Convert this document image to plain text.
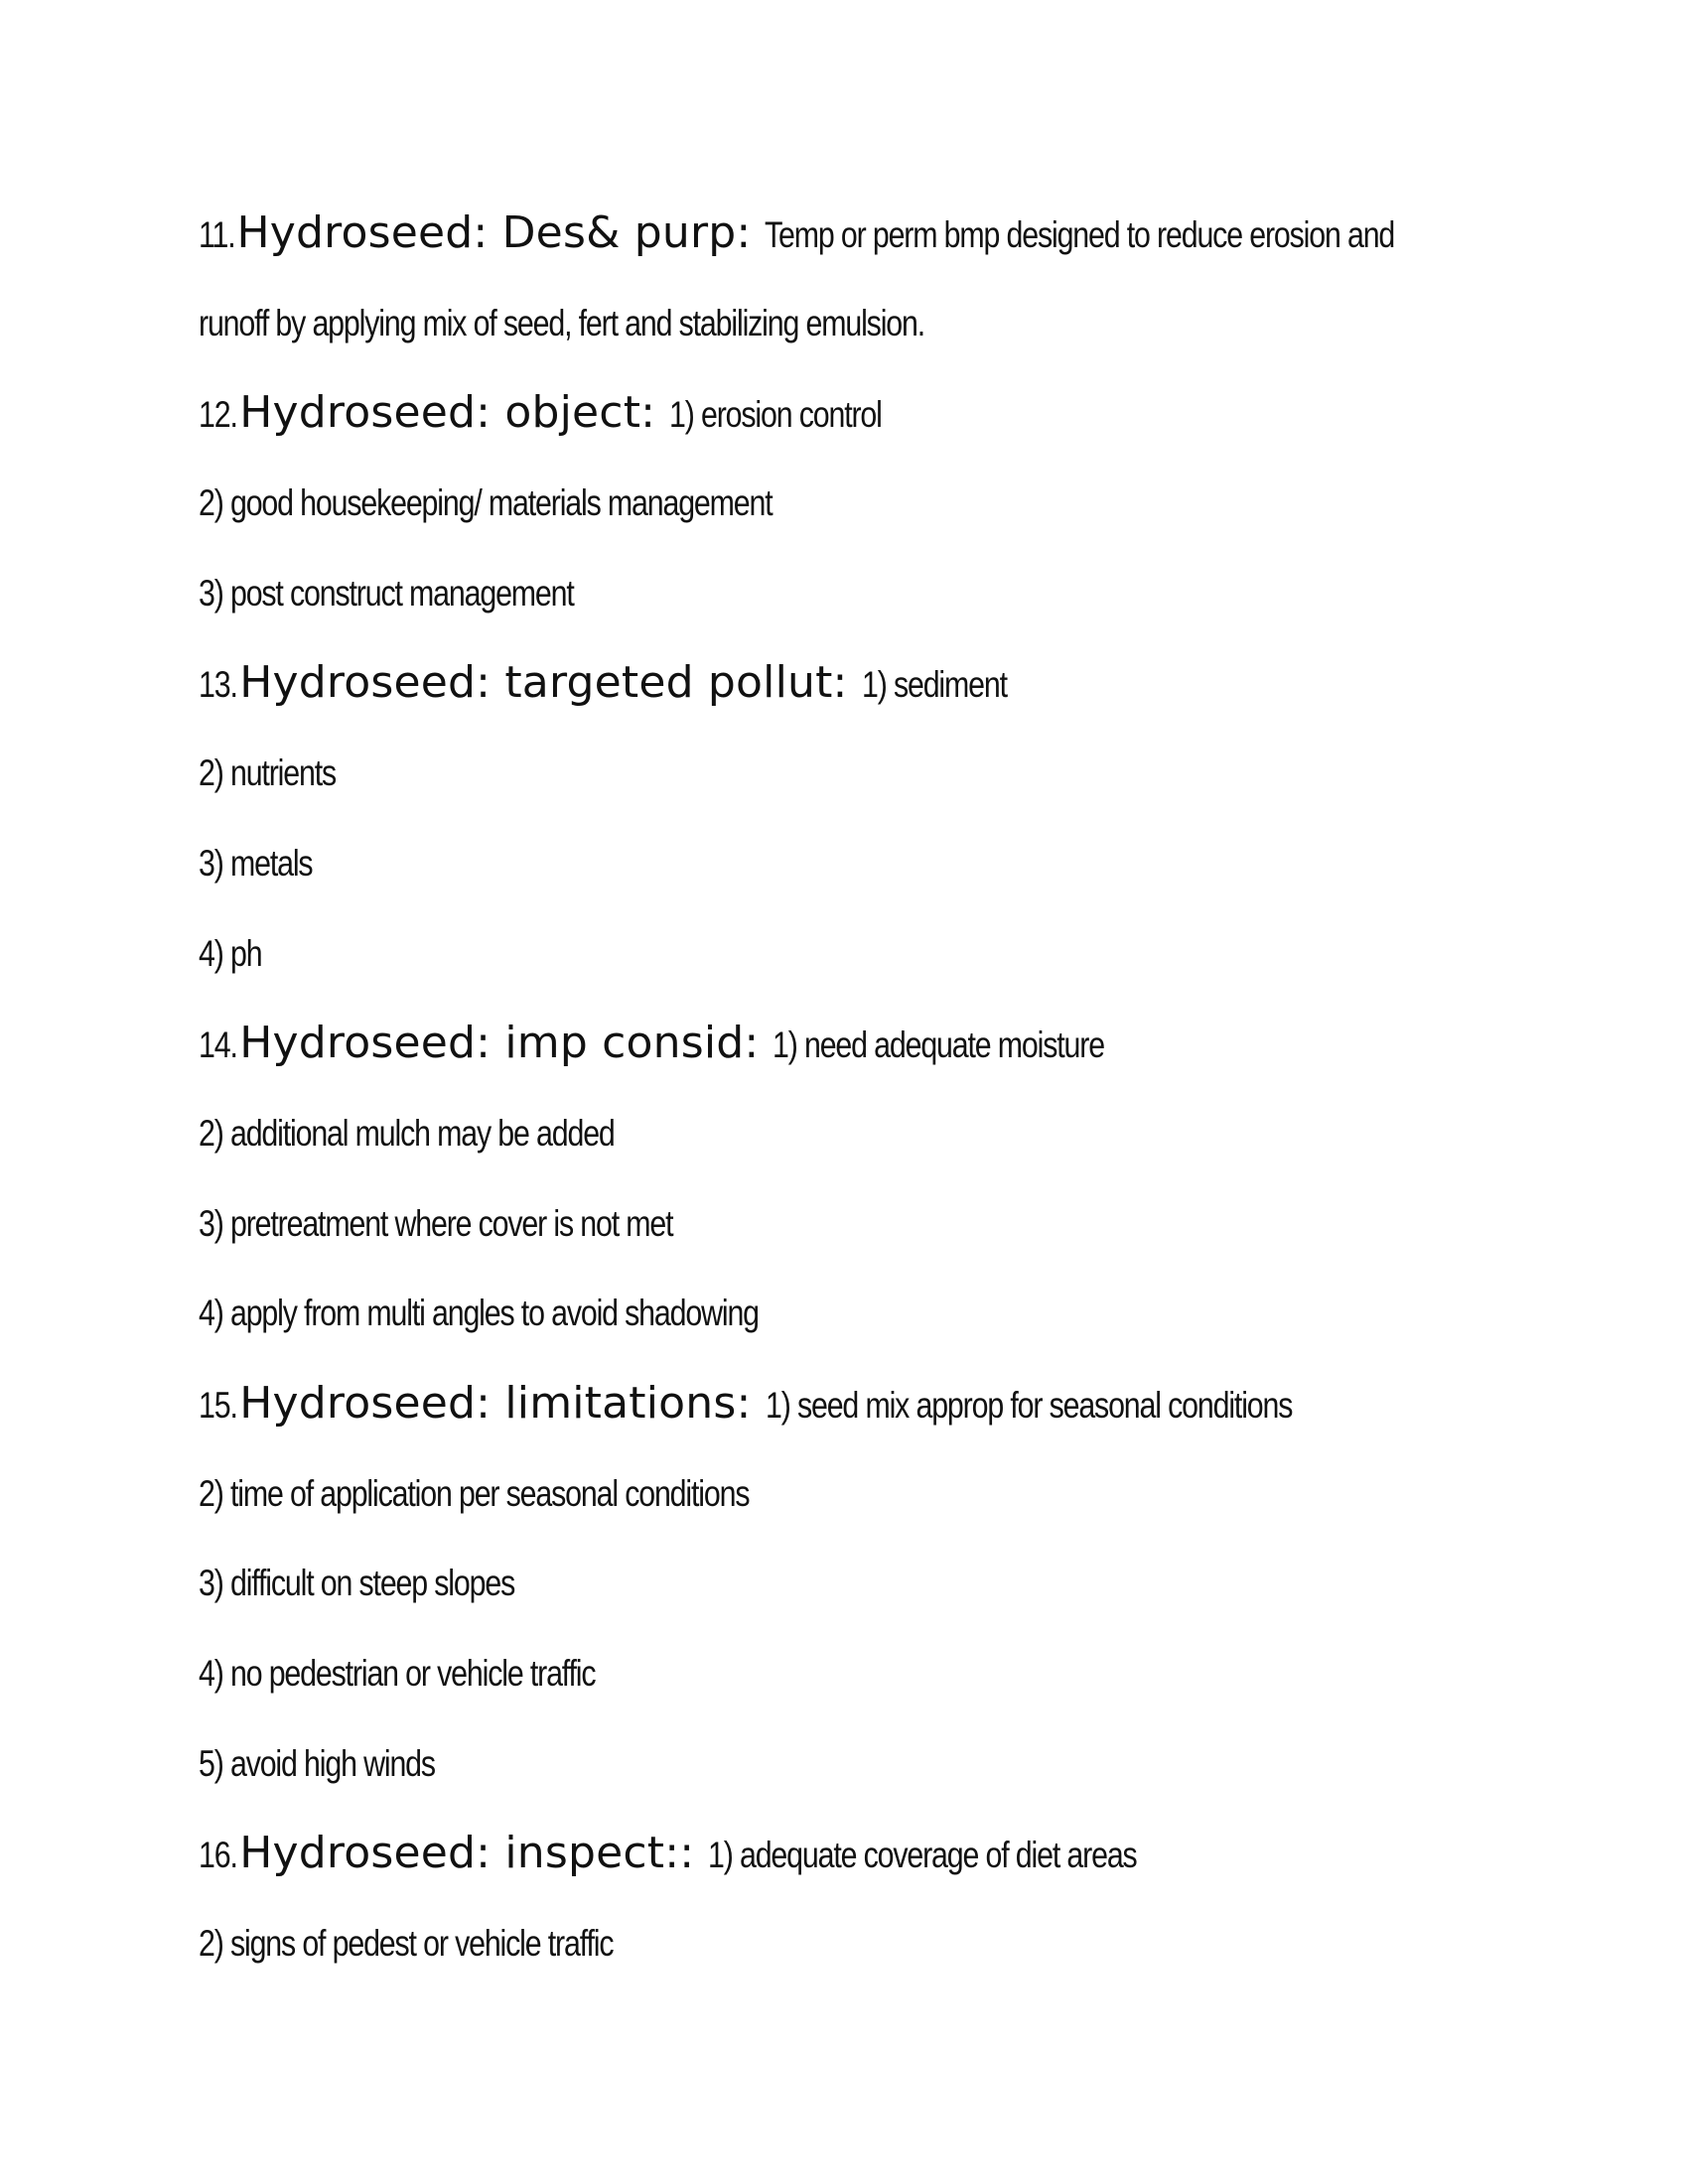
11. Hydroseed: Des& purp: Temp or perm bmp designed to reduce erosion and
runoff by applying mix of seed, fert and stabilizing emulsion.
12. Hydroseed: object: 1) erosion control
2) good housekeeping/ materials management
3) post construct management
13. Hydroseed: targeted pollut: 1) sediment
2) nutrients
3) metals
4) ph
14. Hydroseed: imp consid: 1) need adequate moisture
2) additional mulch may be added
3) pretreatment where cover is not met
4) apply from multi angles to avoid shadowing
15. Hydroseed: limitations: 1) seed mix approp for seasonal conditions
2) time of application per seasonal conditions
3) difficult on steep slopes
4) no pedestrian or vehicle traffic
5) avoid high winds
16. Hydroseed: inspect:: 1) adequate coverage of diet areas
2) signs of pedest or vehicle traffic
